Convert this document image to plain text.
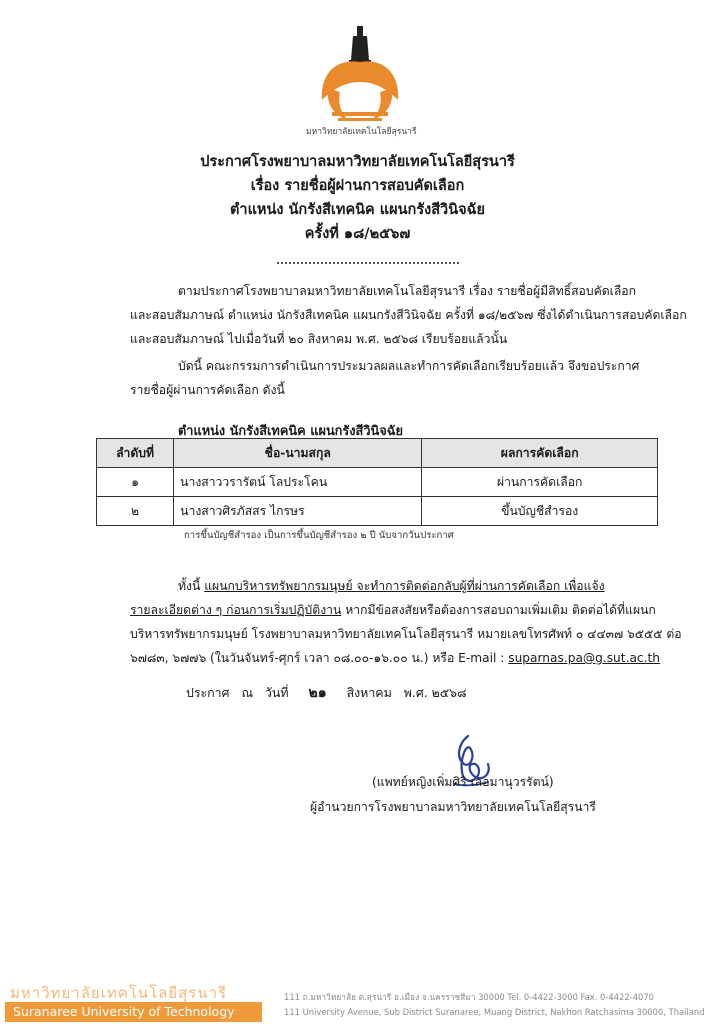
มหาวิทยาลัยเทคโนโลยีสุรนารี
ประกาศโรงพยาบาลมหาวิทยาลัยเทคโนโลยีสุรนารี
เรื่อง รายชื่อผู้ผ่านการสอบคัดเลือก
ตำแหน่ง นักรังสีเทคนิค แผนกรังสีวินิจฉัย
ครั้งที่ ๑๘/๒๕๖๗
ตามประกาศโรงพยาบาลมหาวิทยาลัยเทคโนโลยีสุรนารี เรื่อง รายชื่อผู้มีสิทธิ์สอบคัดเลือก
และสอบสัมภาษณ์ ตำแหน่ง นักรังสีเทคนิค แผนกรังสีวินิจฉัย ครั้งที่ ๑๘/๒๕๖๗ ซึ่งได้ดำเนินการสอบคัดเลือก
และสอบสัมภาษณ์ ไปเมื่อวันที่ ๒๐ สิงหาคม พ.ศ. ๒๕๖๘ เรียบร้อยแล้วนั้น
บัดนี้ คณะกรรมการดำเนินการประมวลผลและทำการคัดเลือกเรียบร้อยแล้ว จึงขอประกาศ
รายชื่อผู้ผ่านการคัดเลือก ดังนี้
ตำแหน่ง นักรังสีเทคนิค แผนกรังสีวินิจฉัย
ลำดับที่	ชื่อ-นามสกุล	ผลการคัดเลือก
๑	นางสาววรารัตน์ โลประโคน	ผ่านการคัดเลือก
๒	นางสาวศิรภัสสร ไกรษร	ขึ้นบัญชีสำรอง
การขึ้นบัญชีสำรอง เป็นการขึ้นบัญชีสำรอง ๒ ปี นับจากวันประกาศ
ทั้งนี้ แผนกบริหารทรัพยากรมนุษย์ จะทำการติดต่อกลับผู้ที่ผ่านการคัดเลือก เพื่อแจ้ง
รายละเอียดต่าง ๆ ก่อนการเริ่มปฏิบัติงาน หากมีข้อสงสัยหรือต้องการสอบถามเพิ่มเติม ติดต่อได้ที่แผนก
บริหารทรัพยากรมนุษย์ โรงพยาบาลมหาวิทยาลัยเทคโนโลยีสุรนารี หมายเลขโทรศัพท์ ๐ ๔๔๓๗ ๖๕๕๕ ต่อ
๖๗๘๓, ๖๗๗๖ (ในวันจันทร์-ศุกร์ เวลา ๐๘.๐๐-๑๖.๐๐ น.) หรือ E-mail : suparnas.pa@g.sut.ac.th
ประกาศ ณ วันที่ ๒๑ สิงหาคม พ.ศ. ๒๕๖๘
(แพทย์หญิงเพิ่มศิริ เลอมานุวรรัตน์)
ผู้อำนวยการโรงพยาบาลมหาวิทยาลัยเทคโนโลยีสุรนารี
มหาวิทยาลัยเทคโนโลยีสุรนารี
Suranaree University of Technology
111 ถ.มหาวิทยาลัย ต.สุรนารี อ.เมือง จ.นครราชสีมา 30000 Tel. 0-4422-3000 Fax. 0-4422-4070
111 University Avenue, Sub District Suranaree, Muang District, Nakhon Ratchasima 30000, Thailand
